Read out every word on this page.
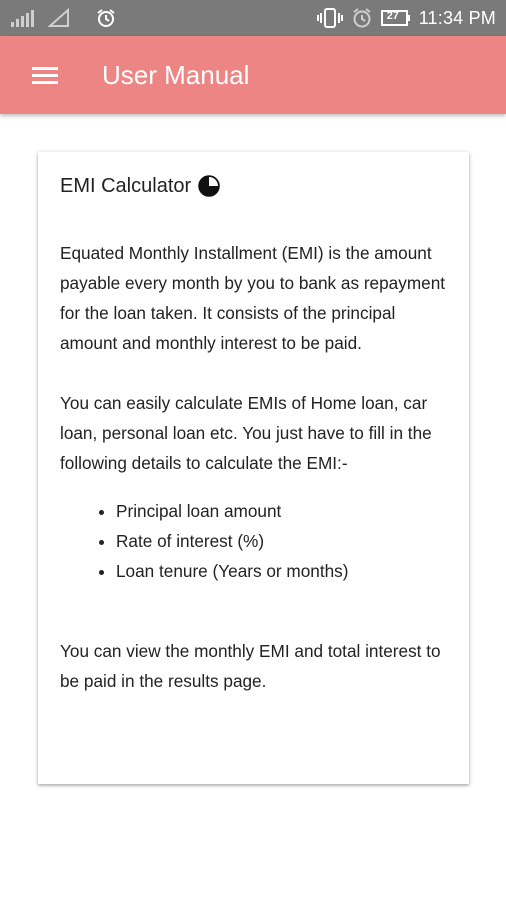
27 11:34 PM
User Manual
EMI Calculator

Equated Monthly Installment (EMI) is the amount payable every month by you to bank as repayment for the loan taken. It consists of the principal amount and monthly interest to be paid.

You can easily calculate EMIs of Home loan, car loan, personal loan etc. You just have to fill in the following details to calculate the EMI:-

• Principal loan amount
• Rate of interest (%)
• Loan tenure (Years or months)

You can view the monthly EMI and total interest to be paid in the results page.
